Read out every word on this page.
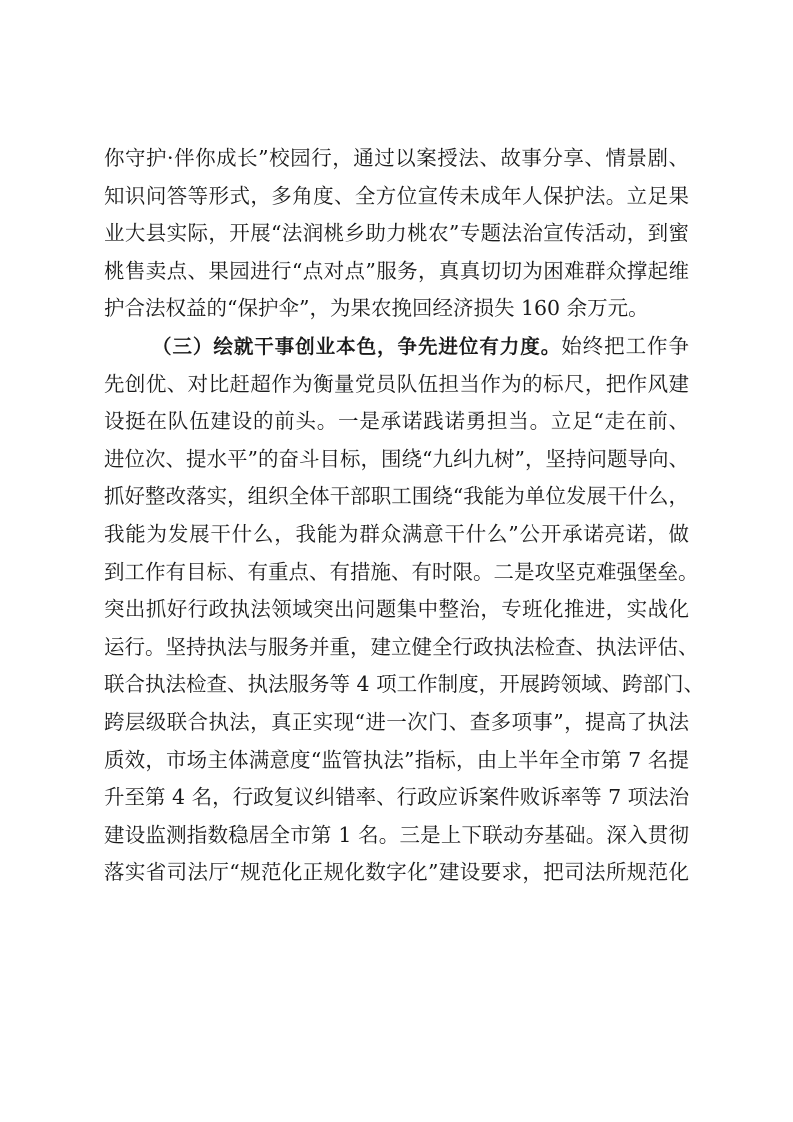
你守护·伴你成长”校园行，通过以案授法、故事分享、情景剧、
知识问答等形式，多角度、全方位宣传未成年人保护法。立足果
业大县实际，开展“法润桃乡助力桃农”专题法治宣传活动，到蜜
桃售卖点、果园进行“点对点”服务，真真切切为困难群众撑起维
护合法权益的“保护伞”，为果农挽回经济损失 160 余万元。
（三）绘就干事创业本色，争先进位有力度。始终把工作争
先创优、对比赶超作为衡量党员队伍担当作为的标尺，把作风建
设挺在队伍建设的前头。一是承诺践诺勇担当。立足“走在前、
进位次、提水平”的奋斗目标，围绕“九纠九树”，坚持问题导向、
抓好整改落实，组织全体干部职工围绕“我能为单位发展干什么，
我能为发展干什么，我能为群众满意干什么”公开承诺亮诺，做
到工作有目标、有重点、有措施、有时限。二是攻坚克难强堡垒。
突出抓好行政执法领域突出问题集中整治，专班化推进，实战化
运行。坚持执法与服务并重，建立健全行政执法检查、执法评估、
联合执法检查、执法服务等 4 项工作制度，开展跨领域、跨部门、
跨层级联合执法，真正实现“进一次门、查多项事”，提高了执法
质效，市场主体满意度“监管执法”指标，由上半年全市第 7 名提
升至第 4 名，行政复议纠错率、行政应诉案件败诉率等 7 项法治
建设监测指数稳居全市第 1 名。三是上下联动夯基础。深入贯彻
落实省司法厅“规范化正规化数字化”建设要求，把司法所规范化
